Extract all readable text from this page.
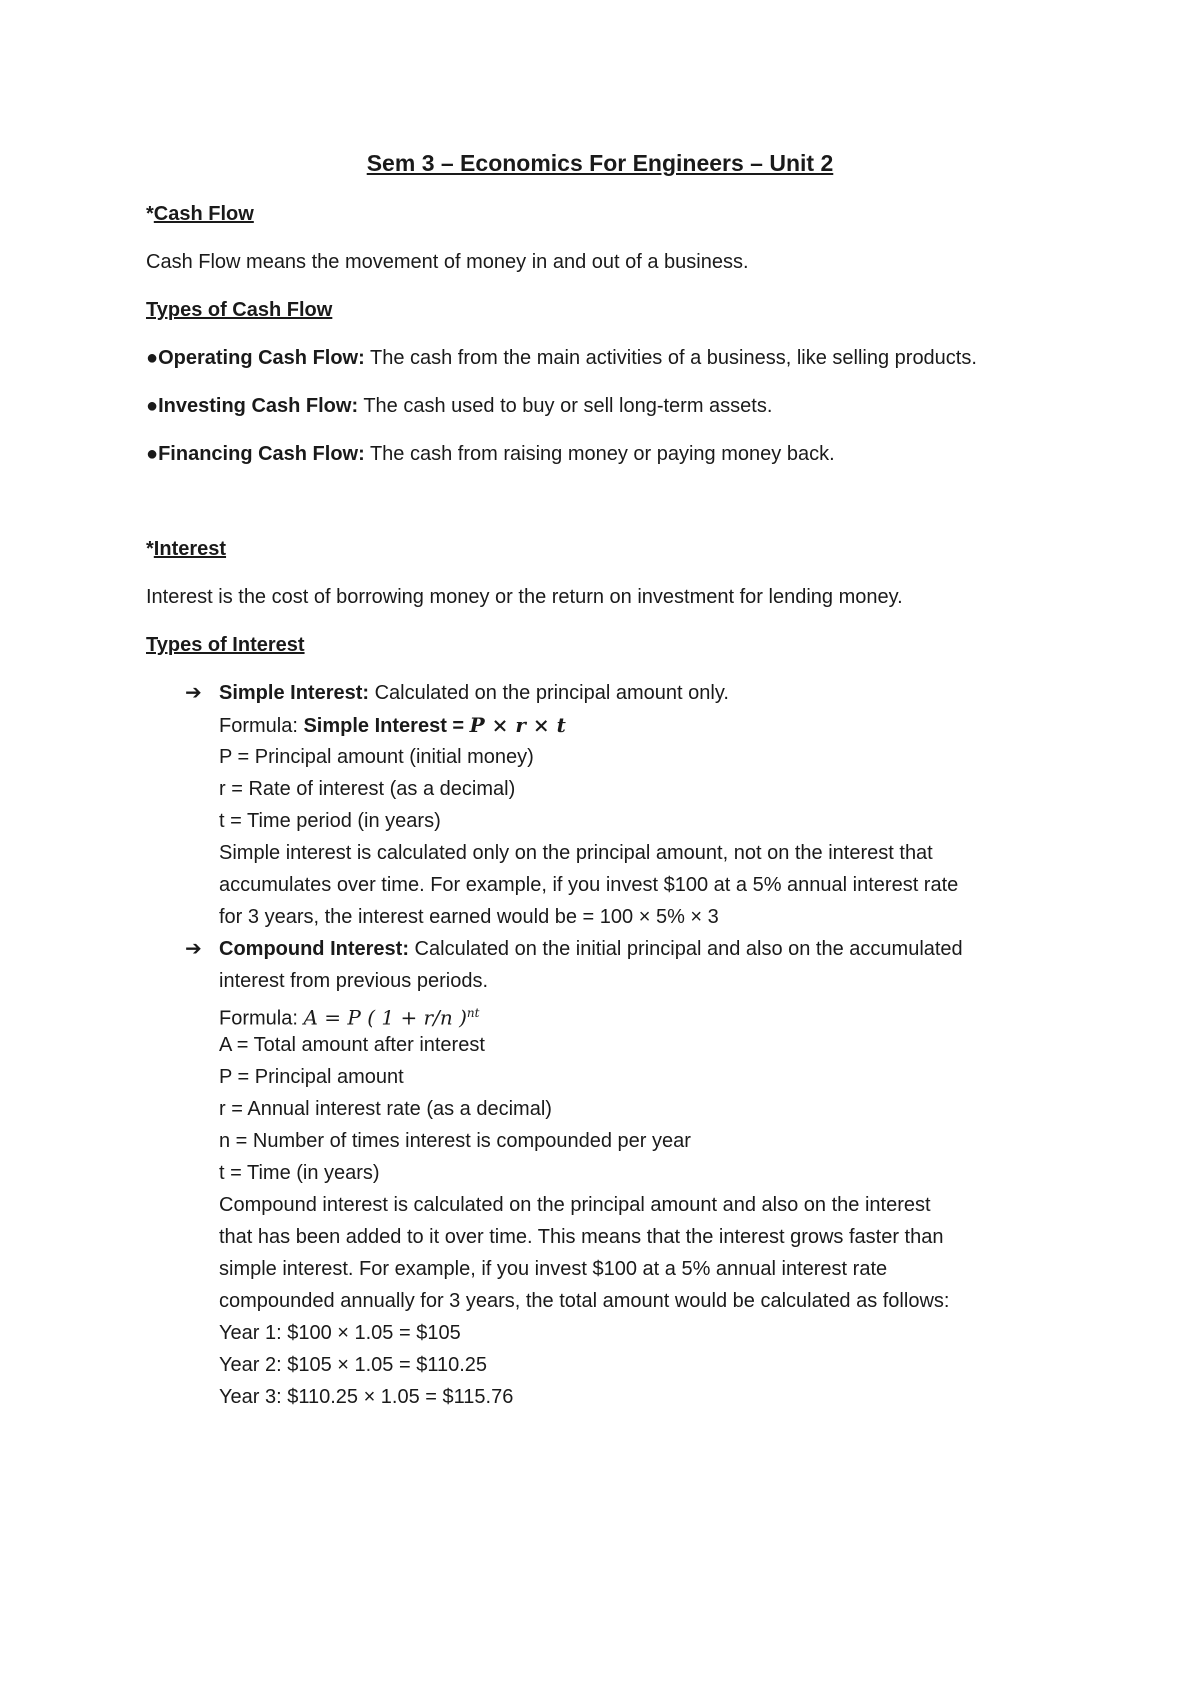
Sem 3 – Economics For Engineers – Unit 2
*Cash Flow
Cash Flow means the movement of money in and out of a business.
Types of Cash Flow
●Operating Cash Flow: The cash from the main activities of a business, like selling products.
●Investing Cash Flow: The cash used to buy or sell long-term assets.
●Financing Cash Flow: The cash from raising money or paying money back.
*Interest
Interest is the cost of borrowing money or the return on investment for lending money.
Types of Interest
➔ Simple Interest: Calculated on the principal amount only.
Formula: Simple Interest = P × r × t
P = Principal amount (initial money)
r = Rate of interest (as a decimal)
t = Time period (in years)
Simple interest is calculated only on the principal amount, not on the interest that
accumulates over time. For example, if you invest $100 at a 5% annual interest rate
for 3 years, the interest earned would be = 100 × 5% × 3
➔ Compound Interest: Calculated on the initial principal and also on the accumulated
interest from previous periods.
Formula: A = P ( 1 + r/n )$^{nt}$
A = Total amount after interest
P = Principal amount
r = Annual interest rate (as a decimal)
n = Number of times interest is compounded per year
t = Time (in years)
Compound interest is calculated on the principal amount and also on the interest
that has been added to it over time. This means that the interest grows faster than
simple interest. For example, if you invest $100 at a 5% annual interest rate
compounded annually for 3 years, the total amount would be calculated as follows:
Year 1: $100 × 1.05 = $105
Year 2: $105 × 1.05 = $110.25
Year 3: $110.25 × 1.05 = $115.76
